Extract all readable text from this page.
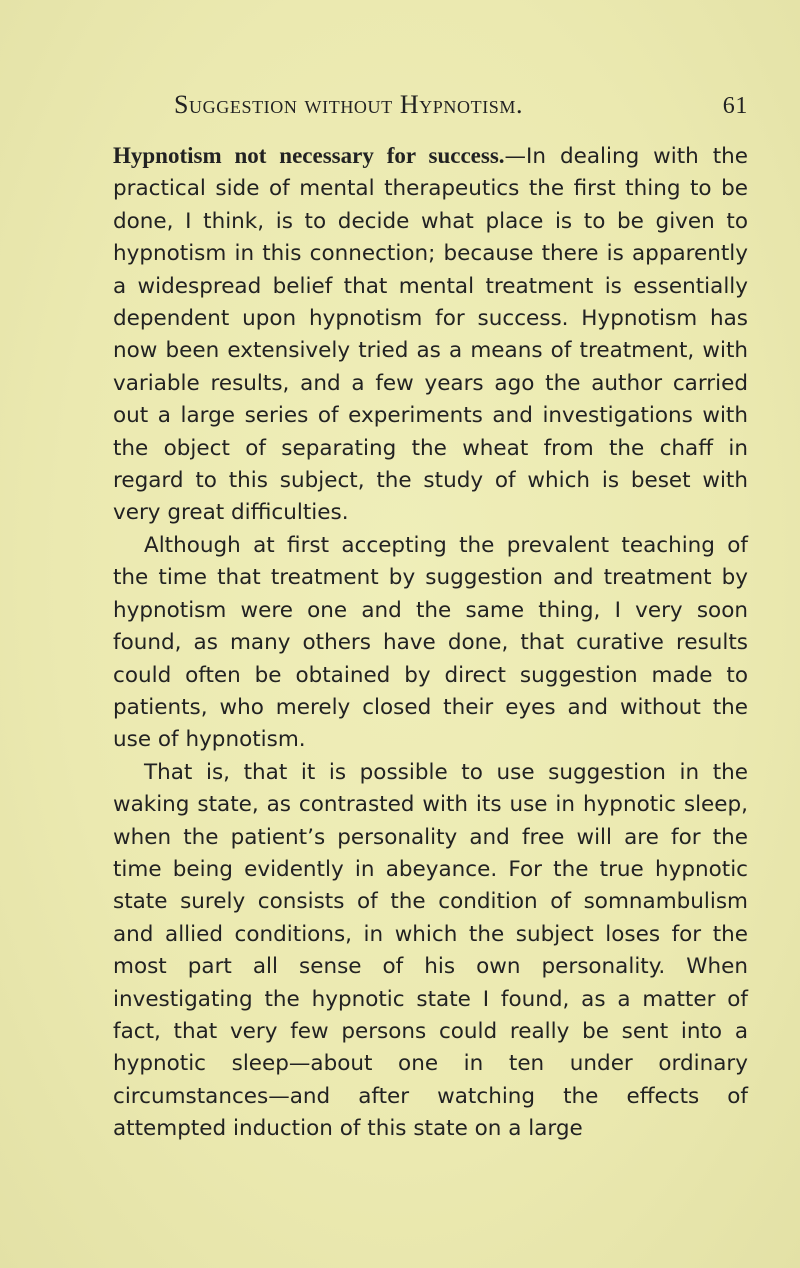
Suggestion without Hypnotism.	61

Hypnotism not necessary for success.—In dealing with the practical side of mental therapeutics the first thing to be done, I think, is to decide what place is to be given to hypnotism in this connection; because there is apparently a widespread belief that mental treatment is essentially dependent upon hypnotism for success. Hypnotism has now been extensively tried as a means of treatment, with variable results, and a few years ago the author carried out a large series of experiments and investigations with the object of separating the wheat from the chaff in regard to this subject, the study of which is beset with very great difficulties.

Although at first accepting the prevalent teaching of the time that treatment by suggestion and treatment by hypnotism were one and the same thing, I very soon found, as many others have done, that curative results could often be obtained by direct suggestion made to patients, who merely closed their eyes and without the use of hypnotism.

That is, that it is possible to use suggestion in the waking state, as contrasted with its use in hypnotic sleep, when the patient’s personality and free will are for the time being evidently in abeyance. For the true hypnotic state surely consists of the condition of somnambulism and allied conditions, in which the subject loses for the most part all sense of his own personality. When investigating the hypnotic state I found, as a matter of fact, that very few persons could really be sent into a hypnotic sleep—about one in ten under ordinary circumstances—and after watching the effects of attempted induction of this state on a large
